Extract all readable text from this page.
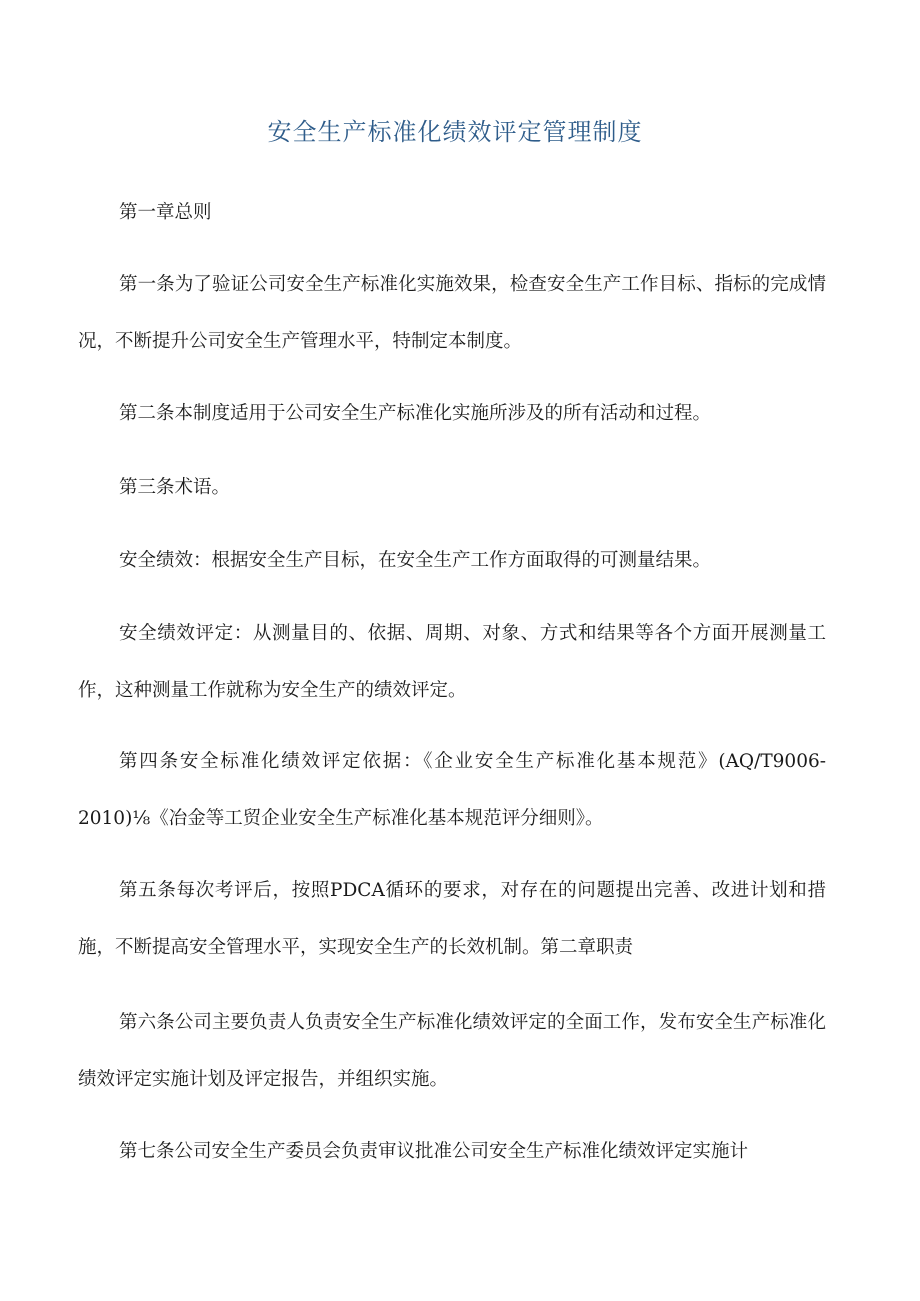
安全生产标准化绩效评定管理制度

第一章总则

第一条为了验证公司安全生产标准化实施效果，检查安全生产工作目标、指标的完成情况，不断提升公司安全生产管理水平，特制定本制度。

第二条本制度适用于公司安全生产标准化实施所涉及的所有活动和过程。

第三条术语。

安全绩效：根据安全生产目标，在安全生产工作方面取得的可测量结果。

安全绩效评定：从测量目的、依据、周期、对象、方式和结果等各个方面开展测量工作，这种测量工作就称为安全生产的绩效评定。

第四条安全标准化绩效评定依据：《企业安全生产标准化基本规范》(AQ∕T9006-2010)⅛《冶金等工贸企业安全生产标准化基本规范评分细则》。

第五条每次考评后，按照PDCA循环的要求，对存在的问题提出完善、改进计划和措施，不断提高安全管理水平，实现安全生产的长效机制。第二章职责

第六条公司主要负责人负责安全生产标准化绩效评定的全面工作，发布安全生产标准化绩效评定实施计划及评定报告，并组织实施。

第七条公司安全生产委员会负责审议批准公司安全生产标准化绩效评定实施计
